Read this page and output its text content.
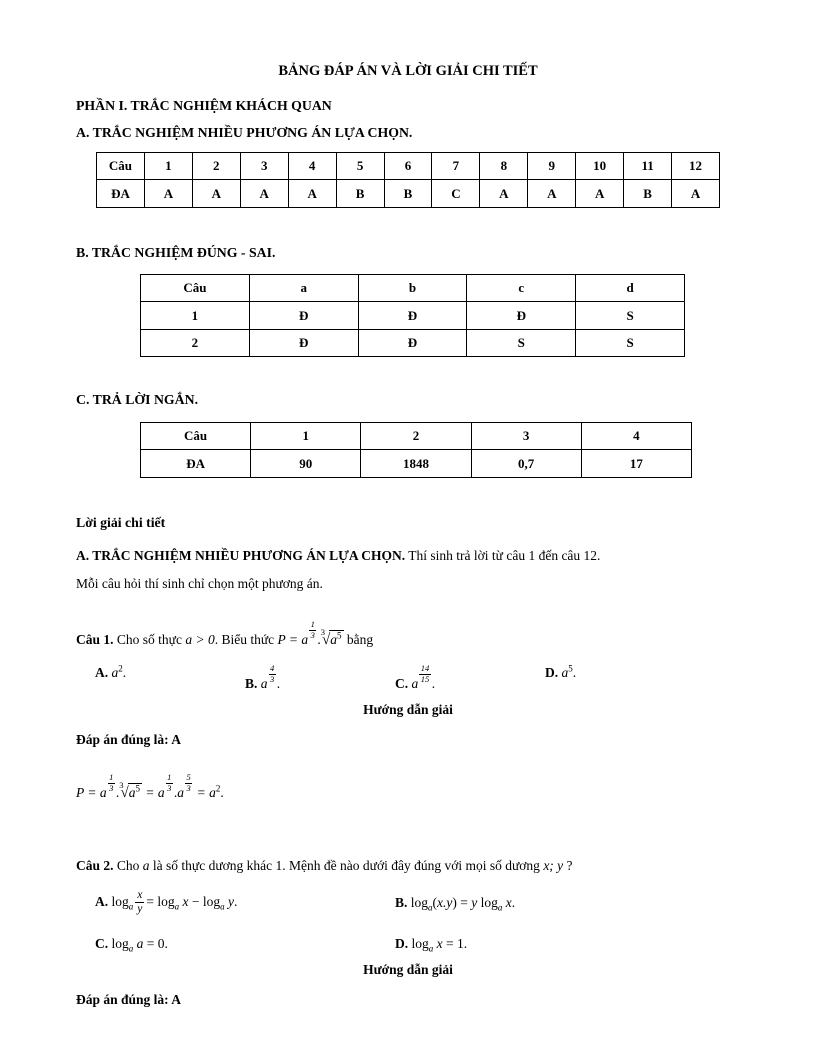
BẢNG ĐÁP ÁN VÀ LỜI GIẢI CHI TIẾT
PHẦN I. TRẮC NGHIỆM KHÁCH QUAN
A. TRẮC NGHIỆM NHIỀU PHƯƠNG ÁN LỰA CHỌN.
Câu	1	2	3	4	5	6	7	8	9	10	11	12
ĐA	A	A	A	A	B	B	C	A	A	A	B	A
B. TRẮC NGHIỆM ĐÚNG - SAI.
Câu	a	b	c	d
1	Đ	Đ	Đ	S
2	Đ	Đ	S	S
C. TRẢ LỜI NGẮN.
Câu	1	2	3	4
ĐA	90	1848	0,7	17
Lời giải chi tiết

A. TRẮC NGHIỆM NHIỀU PHƯƠNG ÁN LỰA CHỌN. Thí sinh trả lời từ câu 1 đến câu 12.

Mỗi câu hỏi thí sinh chỉ chọn một phương án.

Câu 1. Cho số thực a > 0. Biểu thức P = a $\frac{1}{3} .^3$ √ $a^5$ bằng

A. $a^2$.
B. a $\frac{4}{3}$ .	C. a $\frac{14}{15}$ .
D. $a^5$.
Hướng dẫn giải
Đáp án đúng là: A

P = a $\frac{1}{3} .^3$ √ $a^5 = a \frac{1}{3} .a \frac{5}{3} = a^2$.

Câu 2. Cho a là số thực dương khác 1. Mệnh đề nào dưới đây đúng với mọi số dương x; y ?

A. $\log_a \frac{x}{y} = \log_a x - \log_a y$.	B. $\log_a(x.y) = y$ $\log_a x$.
C. $\log_a a = 0$.	D. $\log_a x = 1$.
Hướng dẫn giải
Đáp án đúng là: A
